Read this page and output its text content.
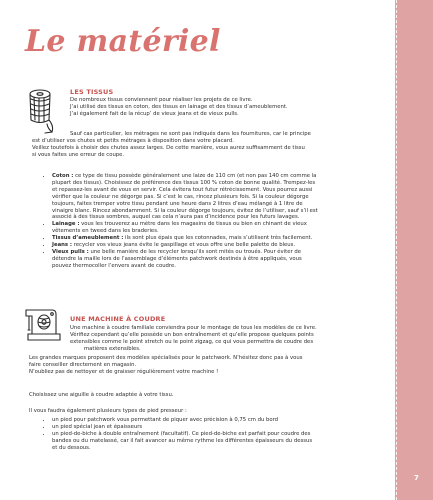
Le matériel
LES TISSUS

De nombreux tissus conviennent pour réaliser les projets de ce livre.

J’ai utilisé des tissus en coton, des tissus en lainage et des tissus d’ameublement.

J’ai également fait de la récup’ de vieux jeans et de vieux pulls.

Sauf cas particulier, les métrages ne sont pas indiqués dans les fournitures, car le principe

est d’utiliser vos chutes et petits métrages à disposition dans votre placard.

Veillez toutefois à choisir des chutes assez larges. De cette manière, vous aurez suffisamment de tissu

si vous faites une erreur de coupe.

• Coton : ce type de tissu possède généralement une laize de 110 cm (et non pas 140 cm comme la
plupart des tissus). Choisissez de préférence des tissus 100 % coton de bonne qualité. Trempez-les
et repassez-les avant de vous en servir. Cela évitera tout futur rétrécissement. Vous pourrez aussi
vérifier que la couleur ne dégorge pas. Si c’est le cas, rincez plusieurs fois. Si la couleur dégorge
toujours, faites tremper votre tissu pendant une heure dans 2 litres d’eau mélangé à 1 litre de
vinaigre blanc. Rincez abondamment. Si la couleur dégorge toujours, évitez de l’utiliser, sauf s’il est
associé à des tissus sombres, auquel cas cela n’aura pas d’incidence pour les futurs lavages.
• Lainage : vous les trouverez au mètre dans les magasins de tissus ou bien en chinant de vieux
vêtements en tweed dans les braderies.
• Tissus d’ameublement : ils sont plus épais que les cotonnades, mais s’utilisent très facilement.
• Jeans : recycler vos vieux jeans évite le gaspillage et vous offre une belle palette de bleus.
• Vieux pulls : une belle manière de les recycler lorsqu’ils sont mités ou troués. Pour éviter de
détendre la maille lors de l’assemblage d’éléments patchwork destinés à être appliqués, vous
pouvez thermocoller l’envers avant de coudre.
UNE MACHINE À COUDRE

Une machine à coudre familiale conviendra pour le montage de tous les modèles de ce livre.

Vérifiez cependant qu’elle possède un bon entraînement et qu’elle propose quelques points

extensibles comme le point stretch ou le point zigzag, ce qui vous permettra de coudre des

matières extensibles.

Les grandes marques proposent des modèles spécialisés pour le patchwork. N’hésitez donc pas à vous

faire conseiller directement en magasin.

N’oubliez pas de nettoyer et de graisser régulièrement votre machine !

Choisissez une aiguille à coudre adaptée à votre tissu.

Il vous faudra également plusieurs types de pied presseur :

• un pied pour patchwork vous permettant de piquer avec précision à 0,75 cm du bord
• un pied spécial jean et épaisseurs
• un pied-de-biche à double entraînement (facultatif). Ce pied-de-biche est parfait pour coudre des
bandes ou du matelassé, car il fait avancer au même rythme les différentes épaisseurs du dessus
et du dessous.
7
